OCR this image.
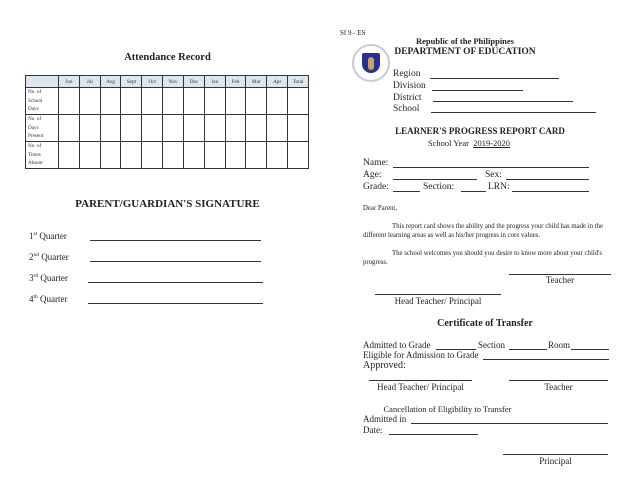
Attendance Record
	Jun	Jul	Aug	Sept	Oct	Nov	Dec	Jan	Feb	Mar	Apr	Total

No. of
School
Days												

No. of
Days
Present												

No. of
Times
Absent												

PARENT/GUARDIAN'S SIGNATURE
1st Quarter
2nd Quarter
3rd Quarter
4th Quarter
Sf 9 - ES
Republic of the Philippines
DEPARTMENT OF EDUCATION
Region
Division
District
School
LEARNER'S PROGRESS REPORT CARD
School Year 2019-2020
Name:
Age:	Sex:
Grade:	Section:	LRN:
Dear Parent,
This report card shows the ability and the progress your child has made in the different learning areas as well as his/her progress in core values.
The school welcomes you should you desire to know more about your child's progress.
Teacher
Head Teacher/ Principal
Certificate of Transfer
Admitted to Grade	Section	Room
Eligible for Admission to Grade
Approved:
Head Teacher/ Principal	Teacher
Cancellation of Eligibility to Transfer
Admitted in
Date:
Principal
